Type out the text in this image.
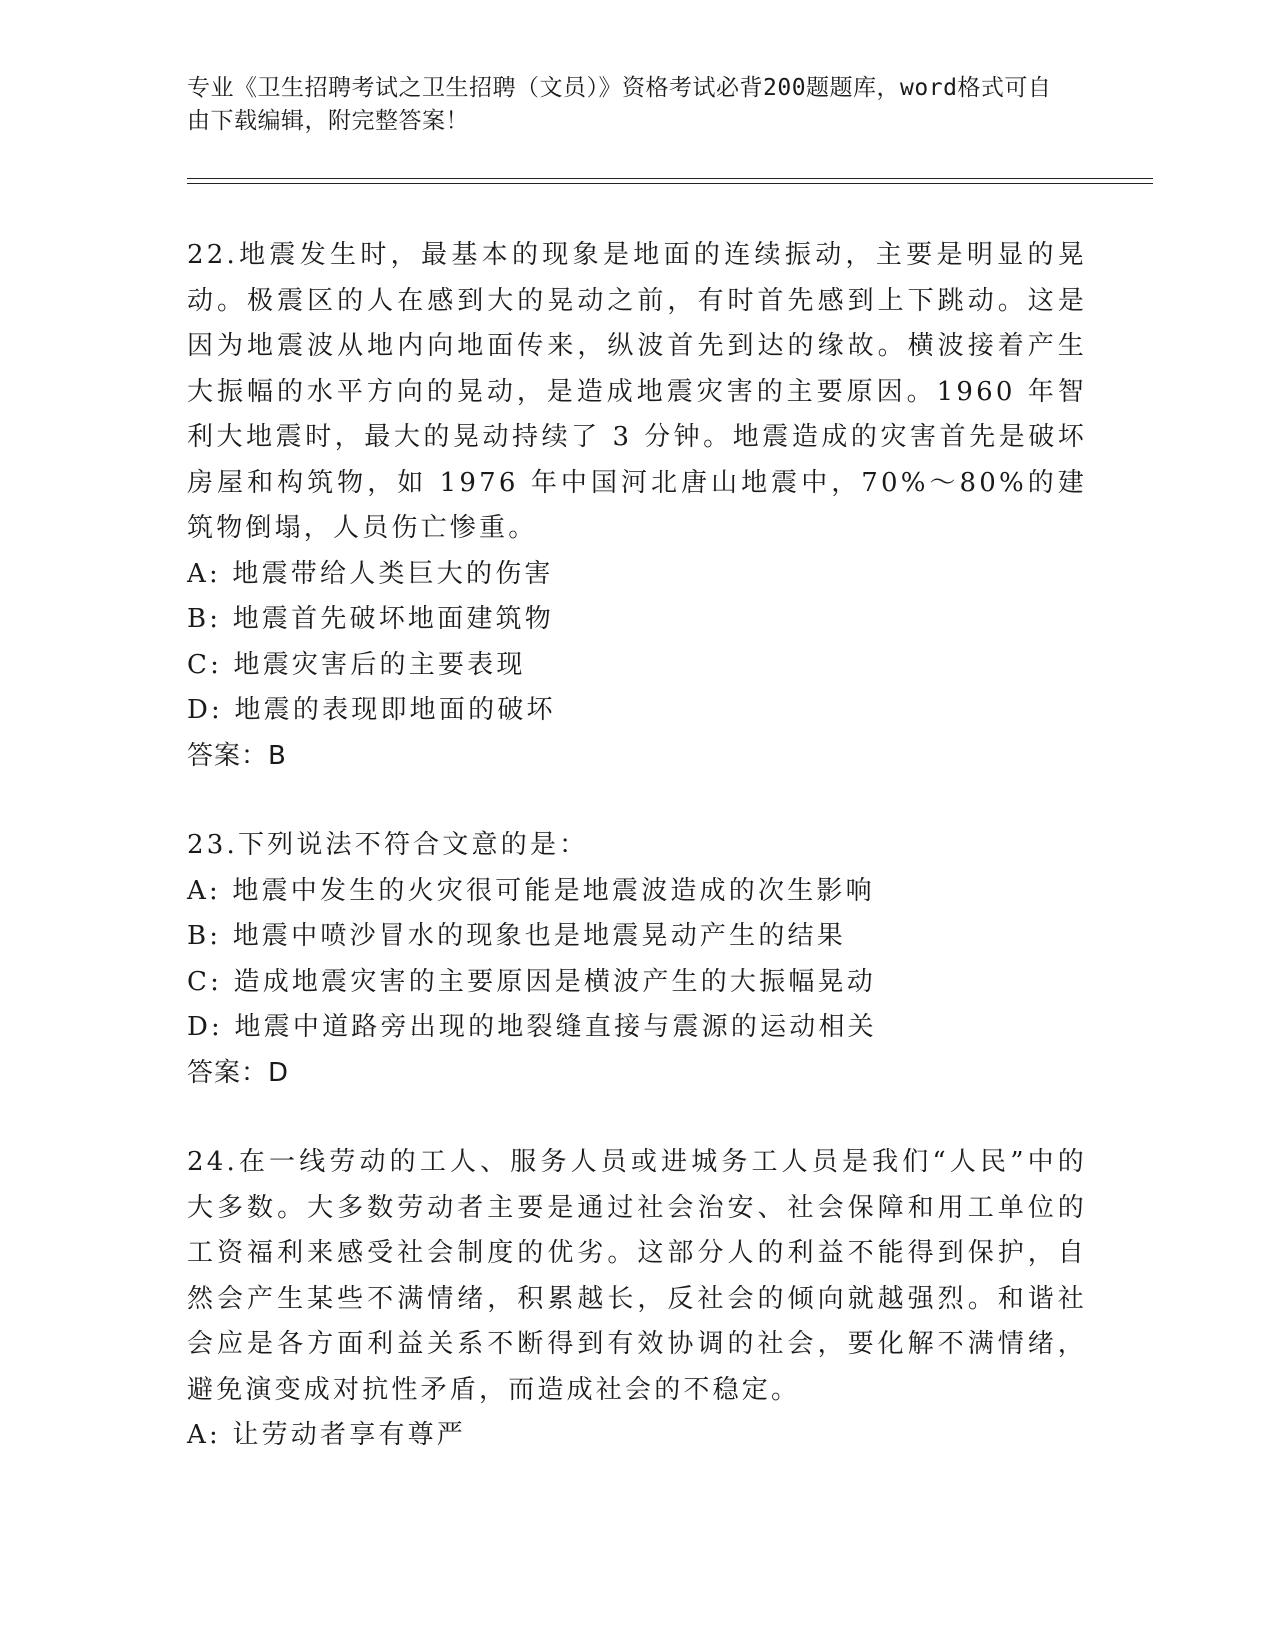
专业《卫生招聘考试之卫生招聘（文员）》资格考试必背200题题库，word格式可自由下载编辑，附完整答案！

22.地震发生时，最基本的现象是地面的连续振动，主要是明显的晃动。极震区的人在感到大的晃动之前，有时首先感到上下跳动。这是因为地震波从地内向地面传来，纵波首先到达的缘故。横波接着产生大振幅的水平方向的晃动，是造成地震灾害的主要原因。1960 年智利大地震时，最大的晃动持续了 3 分钟。地震造成的灾害首先是破坏房屋和构筑物，如 1976 年中国河北唐山地震中，70%～80%的建筑物倒塌，人员伤亡惨重。

A: 地震带给人类巨大的伤害

B: 地震首先破坏地面建筑物

C: 地震灾害后的主要表现

D: 地震的表现即地面的破坏

答案：B

23.下列说法不符合文意的是：

A: 地震中发生的火灾很可能是地震波造成的次生影响

B: 地震中喷沙冒水的现象也是地震晃动产生的结果

C: 造成地震灾害的主要原因是横波产生的大振幅晃动

D: 地震中道路旁出现的地裂缝直接与震源的运动相关

答案：D

24.在一线劳动的工人、服务人员或进城务工人员是我们“人民”中的大多数。大多数劳动者主要是通过社会治安、社会保障和用工单位的工资福利来感受社会制度的优劣。这部分人的利益不能得到保护，自然会产生某些不满情绪，积累越长，反社会的倾向就越强烈。和谐社会应是各方面利益关系不断得到有效协调的社会，要化解不满情绪，避免演变成对抗性矛盾，而造成社会的不稳定。

A: 让劳动者享有尊严
